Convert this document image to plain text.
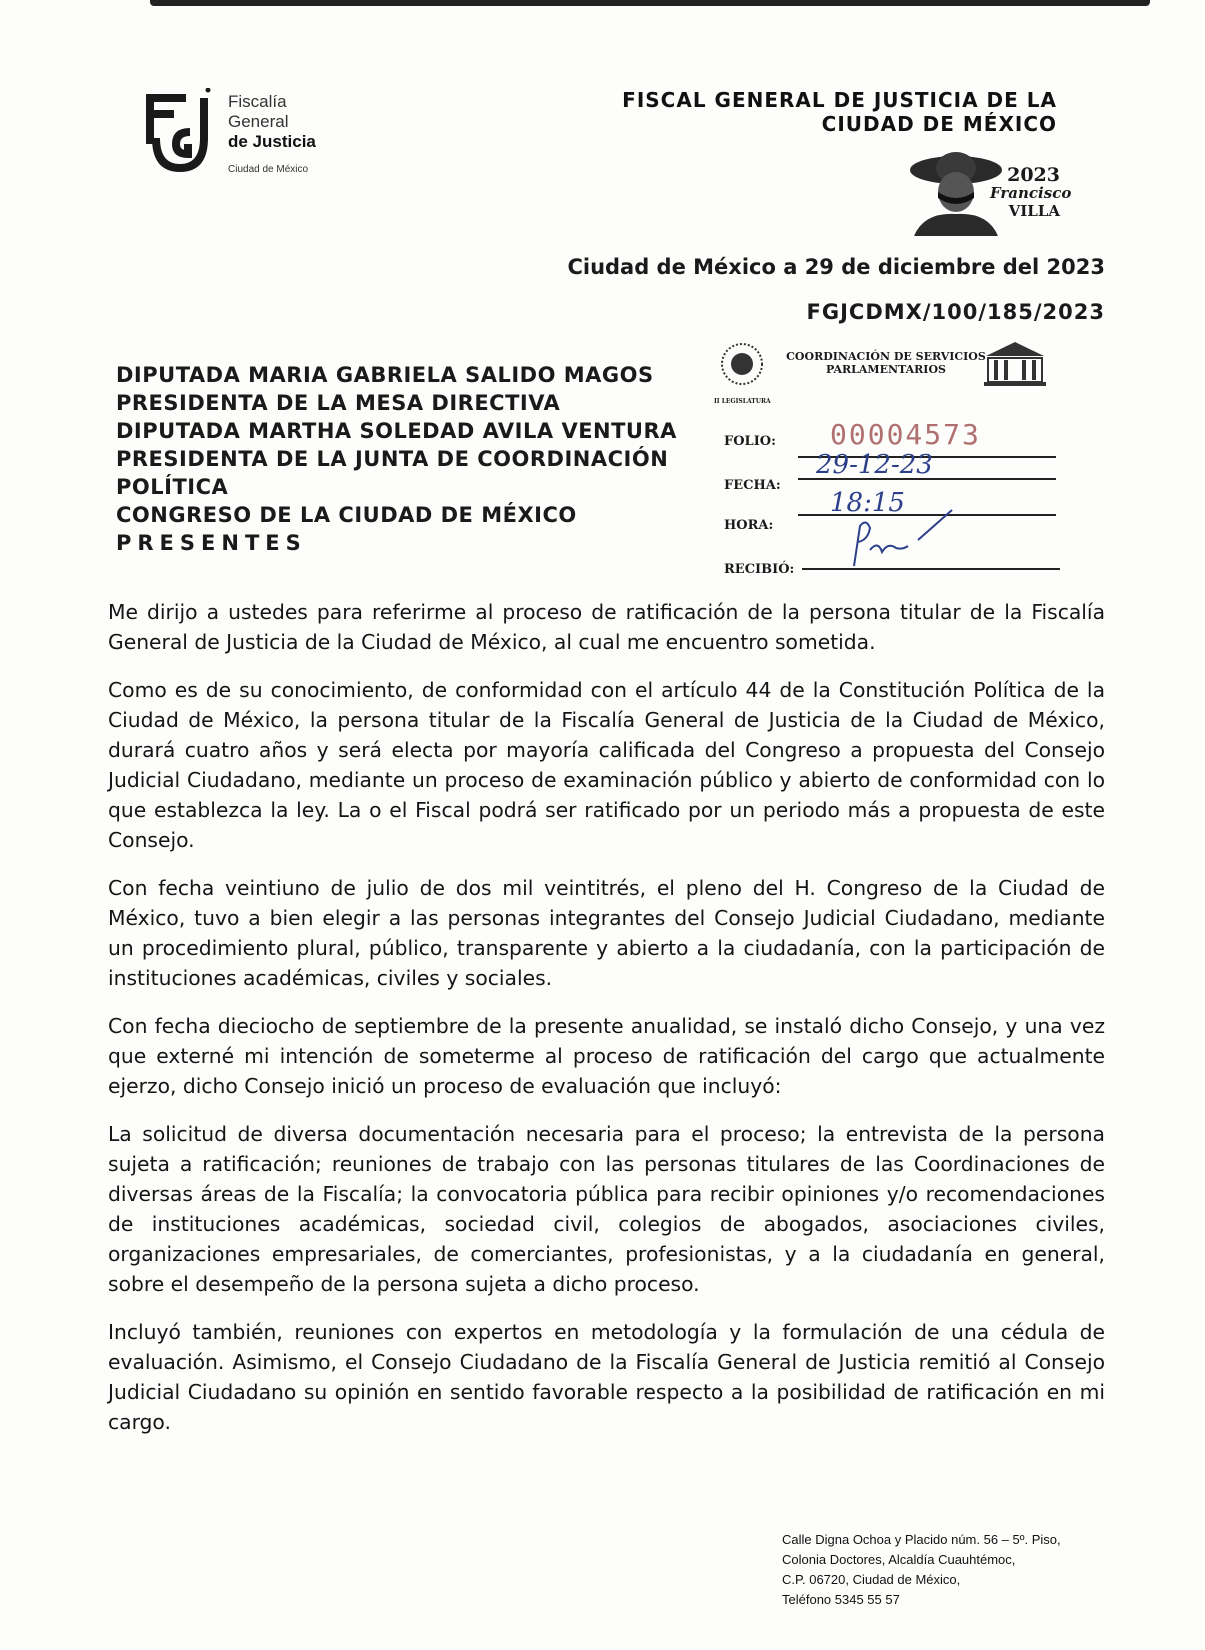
Fiscalía
General
de Justicia
Ciudad de México
FISCAL GENERAL DE JUSTICIA DE LA
CIUDAD DE MÉXICO
2023
Francisco
VILLA
Ciudad de México a 29 de diciembre del 2023
FGJCDMX/100/185/2023
DIPUTADA MARIA GABRIELA SALIDO MAGOS
PRESIDENTA DE LA MESA DIRECTIVA
DIPUTADA MARTHA SOLEDAD AVILA VENTURA
PRESIDENTA DE LA JUNTA DE COORDINACIÓN
POLÍTICA
CONGRESO DE LA CIUDAD DE MÉXICO
PRESENTES
II LEGISLATURA
COORDINACIÓN DE SERVICIOS
PARLAMENTARIOS
FOLIO: 00004573
FECHA:
29-12-23
HORA:
18:15
RECIBIÓ:

Me dirijo a ustedes para referirme al proceso de ratificación de la persona titular de la Fiscalía General de Justicia de la Ciudad de México, al cual me encuentro sometida.

Como es de su conocimiento, de conformidad con el artículo 44 de la Constitución Política de la Ciudad de México, la persona titular de la Fiscalía General de Justicia de la Ciudad de México, durará cuatro años y será electa por mayoría calificada del Congreso a propuesta del Consejo Judicial Ciudadano, mediante un proceso de examinación público y abierto de conformidad con lo que establezca la ley. La o el Fiscal podrá ser ratificado por un periodo más a propuesta de este Consejo.

Con fecha veintiuno de julio de dos mil veintitrés, el pleno del H. Congreso de la Ciudad de México, tuvo a bien elegir a las personas integrantes del Consejo Judicial Ciudadano, mediante un procedimiento plural, público, transparente y abierto a la ciudadanía, con la participación de instituciones académicas, civiles y sociales.

Con fecha dieciocho de septiembre de la presente anualidad, se instaló dicho Consejo, y una vez que externé mi intención de someterme al proceso de ratificación del cargo que actualmente ejerzo, dicho Consejo inició un proceso de evaluación que incluyó:

La solicitud de diversa documentación necesaria para el proceso; la entrevista de la persona sujeta a ratificación; reuniones de trabajo con las personas titulares de las Coordinaciones de diversas áreas de la Fiscalía; la convocatoria pública para recibir opiniones y/o recomendaciones de instituciones académicas, sociedad civil, colegios de abogados, asociaciones civiles, organizaciones empresariales, de comerciantes, profesionistas, y a la ciudadanía en general, sobre el desempeño de la persona sujeta a dicho proceso.

Incluyó también, reuniones con expertos en metodología y la formulación de una cédula de evaluación. Asimismo, el Consejo Ciudadano de la Fiscalía General de Justicia remitió al Consejo Judicial Ciudadano su opinión en sentido favorable respecto a la posibilidad de ratificación en mi cargo.

Calle Digna Ochoa y Placido núm. 56 – 5º. Piso,
Colonia Doctores, Alcaldía Cuauhtémoc,
C.P. 06720, Ciudad de México,
Teléfono 5345 55 57
